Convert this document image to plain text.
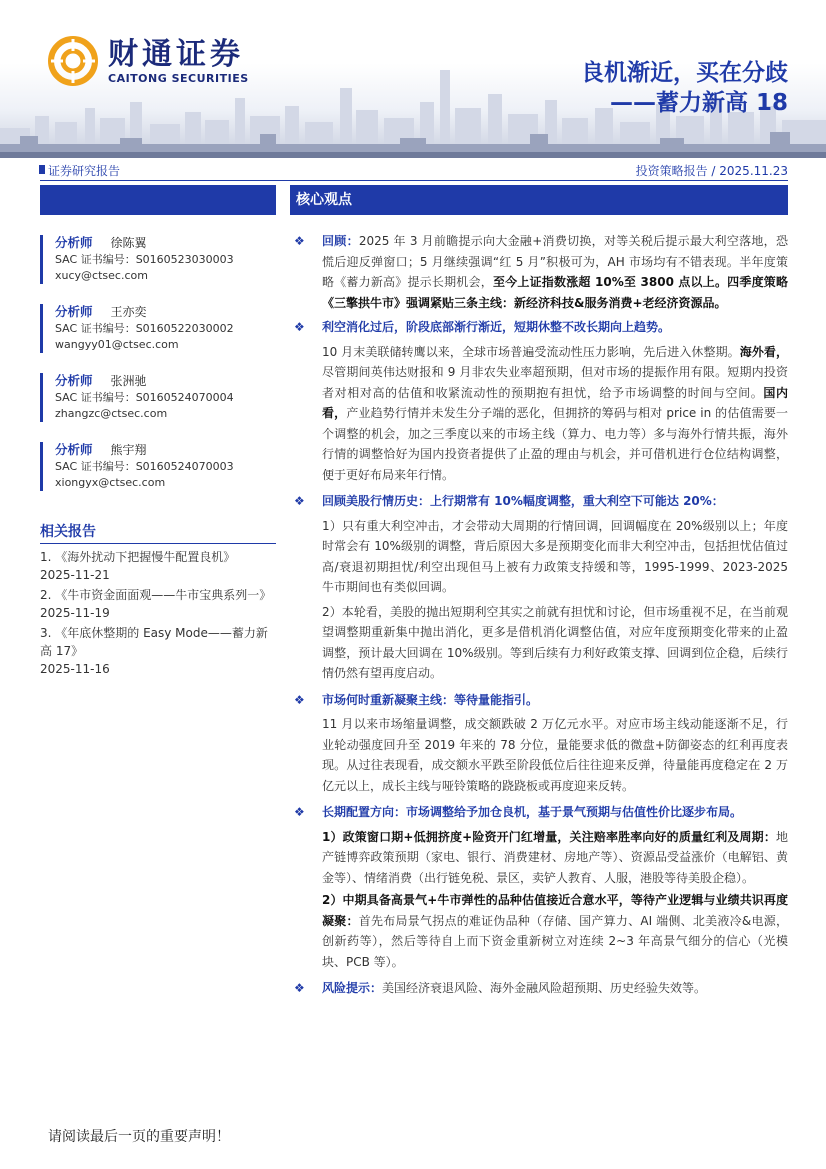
财通证券
CAITONG SECURITIES	良机渐近，买在分歧
——蓄力新高 18
证券研究报告	投资策略报告 / 2025.11.23
分析师 徐陈翼
SAC 证书编号：S0160523030003
xucy@ctsec.com
分析师 王亦奕
SAC 证书编号：S0160522030002
wangyy01@ctsec.com
分析师 张洲驰
SAC 证书编号：S0160524070004
zhangzc@ctsec.com
分析师 熊宇翔
SAC 证书编号：S0160524070003
xiongyx@ctsec.com
相关报告
1. 《海外扰动下把握慢牛配置良机》
2025-11-21
2. 《牛市资金面面观——牛市宝典系列一》
2025-11-19
3. 《年底休整期的 Easy Mode——蓄力新高 17》
2025-11-16
核心观点
❖ 回顾：2025 年 3 月前瞻提示向大金融+消费切换，对等关税后提示最大利空落地，恐慌后迎反弹窗口；5 月继续强调“红 5 月”积极可为，AH 市场均有不错表现。半年度策略《蓄力新高》提示长期机会，至今上证指数涨超 10%至 3800 点以上。四季度策略《三擎拱牛市》强调紧贴三条主线：新经济科技&服务消费+老经济资源品。
❖ 利空消化过后，阶段底部渐行渐近，短期休整不改长期向上趋势。
10 月末美联储转鹰以来，全球市场普遍受流动性压力影响，先后进入休整期。海外看，尽管期间英伟达财报和 9 月非农失业率超预期，但对市场的提振作用有限。短期内投资者对相对高的估值和收紧流动性的预期抱有担忧，给予市场调整的时间与空间。国内看，产业趋势行情并未发生分子端的恶化，但拥挤的筹码与相对 price in 的估值需要一个调整的机会，加之三季度以来的市场主线（算力、电力等）多与海外行情共振，海外行情的调整恰好为国内投资者提供了止盈的理由与机会，并可借机进行仓位结构调整，便于更好布局来年行情。
❖ 回顾美股行情历史：上行期常有 10%幅度调整，重大利空下可能达 20%：
1）只有重大利空冲击，才会带动大周期的行情回调，回调幅度在 20%级别以上；年度时常会有 10%级别的调整，背后原因大多是预期变化而非大利空冲击，包括担忧估值过高/衰退初期担忧/利空出现但马上被有力政策支持缓和等，1995-1999、2023-2025 牛市期间也有类似回调。
2）本轮看，美股的抛出短期利空其实之前就有担忧和讨论，但市场重视不足，在当前观望调整期重新集中抛出消化，更多是借机消化调整估值，对应年度预期变化带来的止盈调整，预计最大回调在 10%级别。等到后续有力利好政策支撑、回调到位企稳，后续行情仍然有望再度启动。
❖ 市场何时重新凝聚主线：等待量能指引。
11 月以来市场缩量调整，成交额跌破 2 万亿元水平。对应市场主线动能逐渐不足，行业轮动强度回升至 2019 年来的 78 分位，量能要求低的微盘+防御姿态的红利再度表现。从过往表现看，成交额水平跌至阶段低位后往往迎来反弹，待量能再度稳定在 2 万亿元以上，成长主线与哑铃策略的跷跷板或再度迎来反转。
❖ 长期配置方向：市场调整给予加仓良机，基于景气预期与估值性价比逐步布局。
1）政策窗口期+低拥挤度+险资开门红增量，关注赔率胜率向好的质量红利及周期：地产链博弈政策预期（家电、银行、消费建材、房地产等）、资源品受益涨价（电解铝、黄金等）、情绪消费（出行链免税、景区，卖铲人教育、人服，港股等待美股企稳）。
2）中期具备高景气+牛市弹性的品种估值接近合意水平，等待产业逻辑与业绩共识再度凝聚：首先布局景气拐点的难证伪品种（存储、国产算力、AI 端侧、北美液冷&电源，创新药等），然后等待自上而下资金重新树立对连续 2~3 年高景气细分的信心（光模块、PCB 等）。
❖ 风险提示：美国经济衰退风险、海外金融风险超预期、历史经验失效等。
请阅读最后一页的重要声明！
